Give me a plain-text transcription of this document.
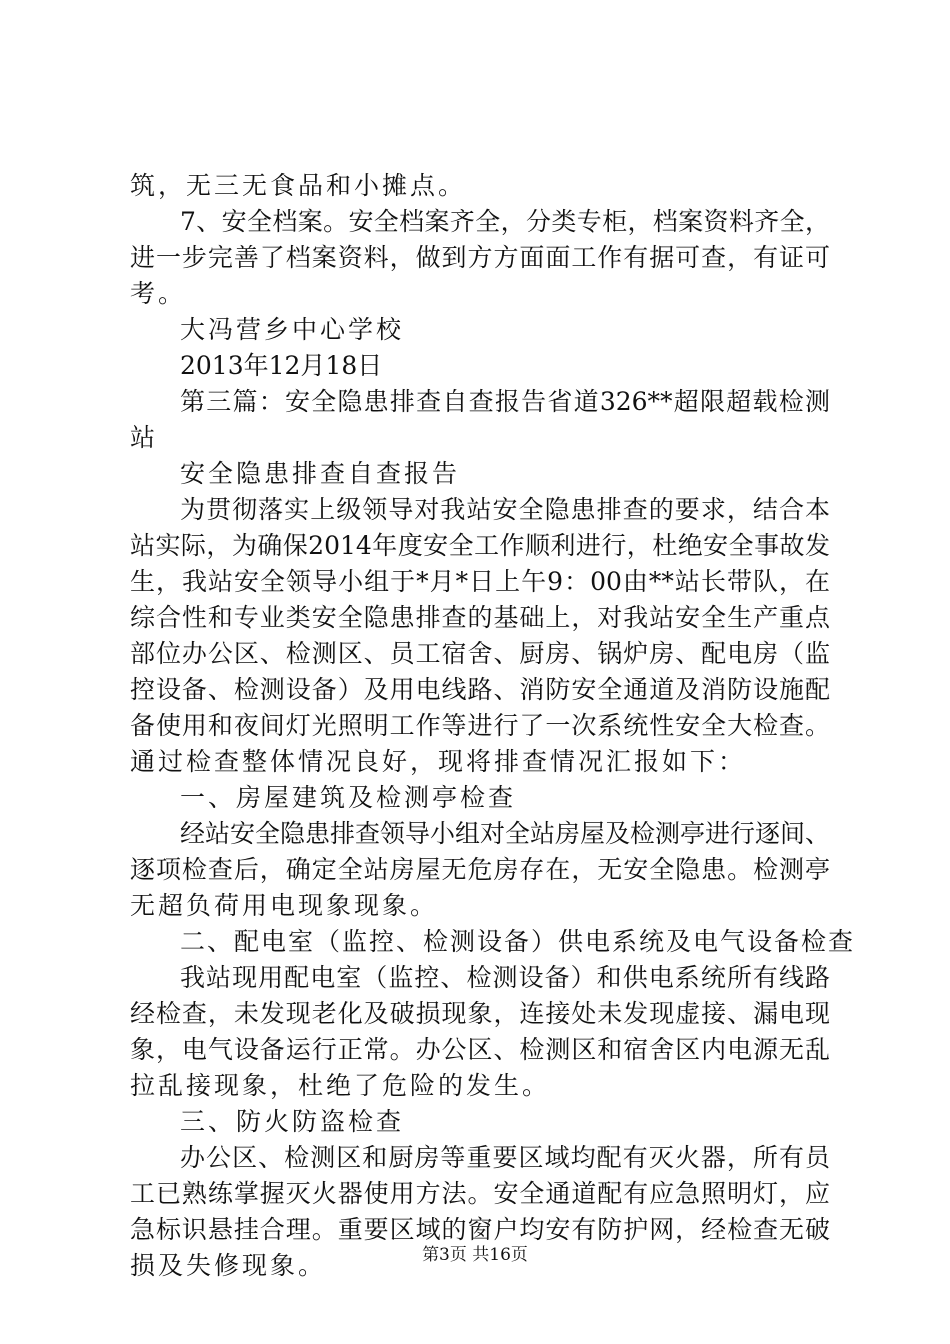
筑，无三无食品和小摊点。
7、安全档案。安全档案齐全，分类专柜，档案资料齐全，
进一步完善了档案资料，做到方方面面工作有据可查，有证可
考。
大冯营乡中心学校
2013年12月18日
第三篇：安全隐患排查自查报告省道326**超限超载检测
站
安全隐患排查自查报告
为贯彻落实上级领导对我站安全隐患排查的要求，结合本
站实际，为确保2014年度安全工作顺利进行，杜绝安全事故发
生，我站安全领导小组于*月*日上午9：00由**站长带队，在
综合性和专业类安全隐患排查的基础上，对我站安全生产重点
部位办公区、检测区、员工宿舍、厨房、锅炉房、配电房（监
控设备、检测设备）及用电线路、消防安全通道及消防设施配
备使用和夜间灯光照明工作等进行了一次系统性安全大检查。
通过检查整体情况良好，现将排查情况汇报如下：
一、房屋建筑及检测亭检查
经站安全隐患排查领导小组对全站房屋及检测亭进行逐间、
逐项检查后，确定全站房屋无危房存在，无安全隐患。检测亭
无超负荷用电现象现象。
二、配电室（监控、检测设备）供电系统及电气设备检查
我站现用配电室（监控、检测设备）和供电系统所有线路
经检查，未发现老化及破损现象，连接处未发现虚接、漏电现
象，电气设备运行正常。办公区、检测区和宿舍区内电源无乱
拉乱接现象，杜绝了危险的发生。
三、防火防盗检查
办公区、检测区和厨房等重要区域均配有灭火器，所有员
工已熟练掌握灭火器使用方法。安全通道配有应急照明灯，应
急标识悬挂合理。重要区域的窗户均安有防护网，经检查无破
损及失修现象。	第3页 共16页
